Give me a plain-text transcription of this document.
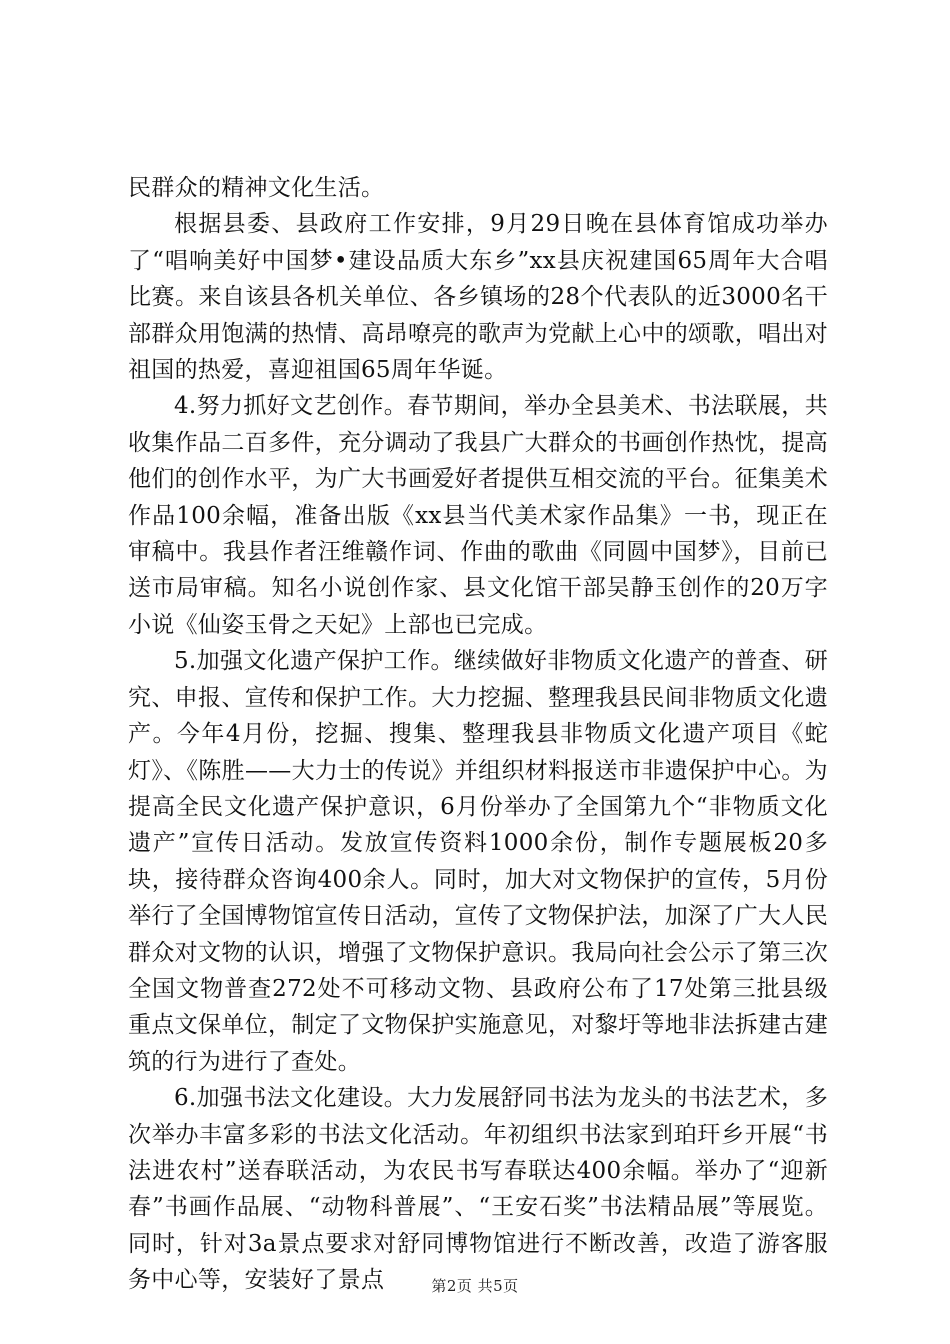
民群众的精神文化生活。

根据县委、县政府工作安排，9月29日晚在县体育馆成功举办了“唱响美好中国梦•建设品质大东乡”xx县庆祝建国65周年大合唱比赛。来自该县各机关单位、各乡镇场的28个代表队的近3000名干部群众用饱满的热情、高昂嘹亮的歌声为党献上心中的颂歌，唱出对祖国的热爱，喜迎祖国65周年华诞。

4.努力抓好文艺创作。春节期间，举办全县美术、书法联展，共收集作品二百多件，充分调动了我县广大群众的书画创作热忱，提高他们的创作水平，为广大书画爱好者提供互相交流的平台。征集美术作品100余幅，准备出版《xx县当代美术家作品集》一书，现正在审稿中。我县作者汪维赣作词、作曲的歌曲《同圆中国梦》，目前已送市局审稿。知名小说创作家、县文化馆干部吴静玉创作的20万字小说《仙姿玉骨之天妃》上部也已完成。

5.加强文化遗产保护工作。继续做好非物质文化遗产的普查、研究、申报、宣传和保护工作。大力挖掘、整理我县民间非物质文化遗产。今年4月份，挖掘、搜集、整理我县非物质文化遗产项目《蛇灯》、《陈胜——大力士的传说》并组织材料报送市非遗保护中心。为提高全民文化遗产保护意识，6月份举办了全国第九个“非物质文化遗产”宣传日活动。发放宣传资料1000余份，制作专题展板20多块，接待群众咨询400余人。同时，加大对文物保护的宣传，5月份举行了全国博物馆宣传日活动，宣传了文物保护法，加深了广大人民群众对文物的认识，增强了文物保护意识。我局向社会公示了第三次全国文物普查272处不可移动文物、县政府公布了17处第三批县级重点文保单位，制定了文物保护实施意见，对黎圩等地非法拆建古建筑的行为进行了查处。

6.加强书法文化建设。大力发展舒同书法为龙头的书法艺术，多次举办丰富多彩的书法文化活动。年初组织书法家到珀玕乡开展“书法进农村”送春联活动，为农民书写春联达400余幅。举办了“迎新春”书画作品展、“动物科普展”、“王安石奖”书法精品展”等展览。同时，针对3a景点要求对舒同博物馆进行不断改善，改造了游客服务中心等，安装好了景点	第2页 共5页
